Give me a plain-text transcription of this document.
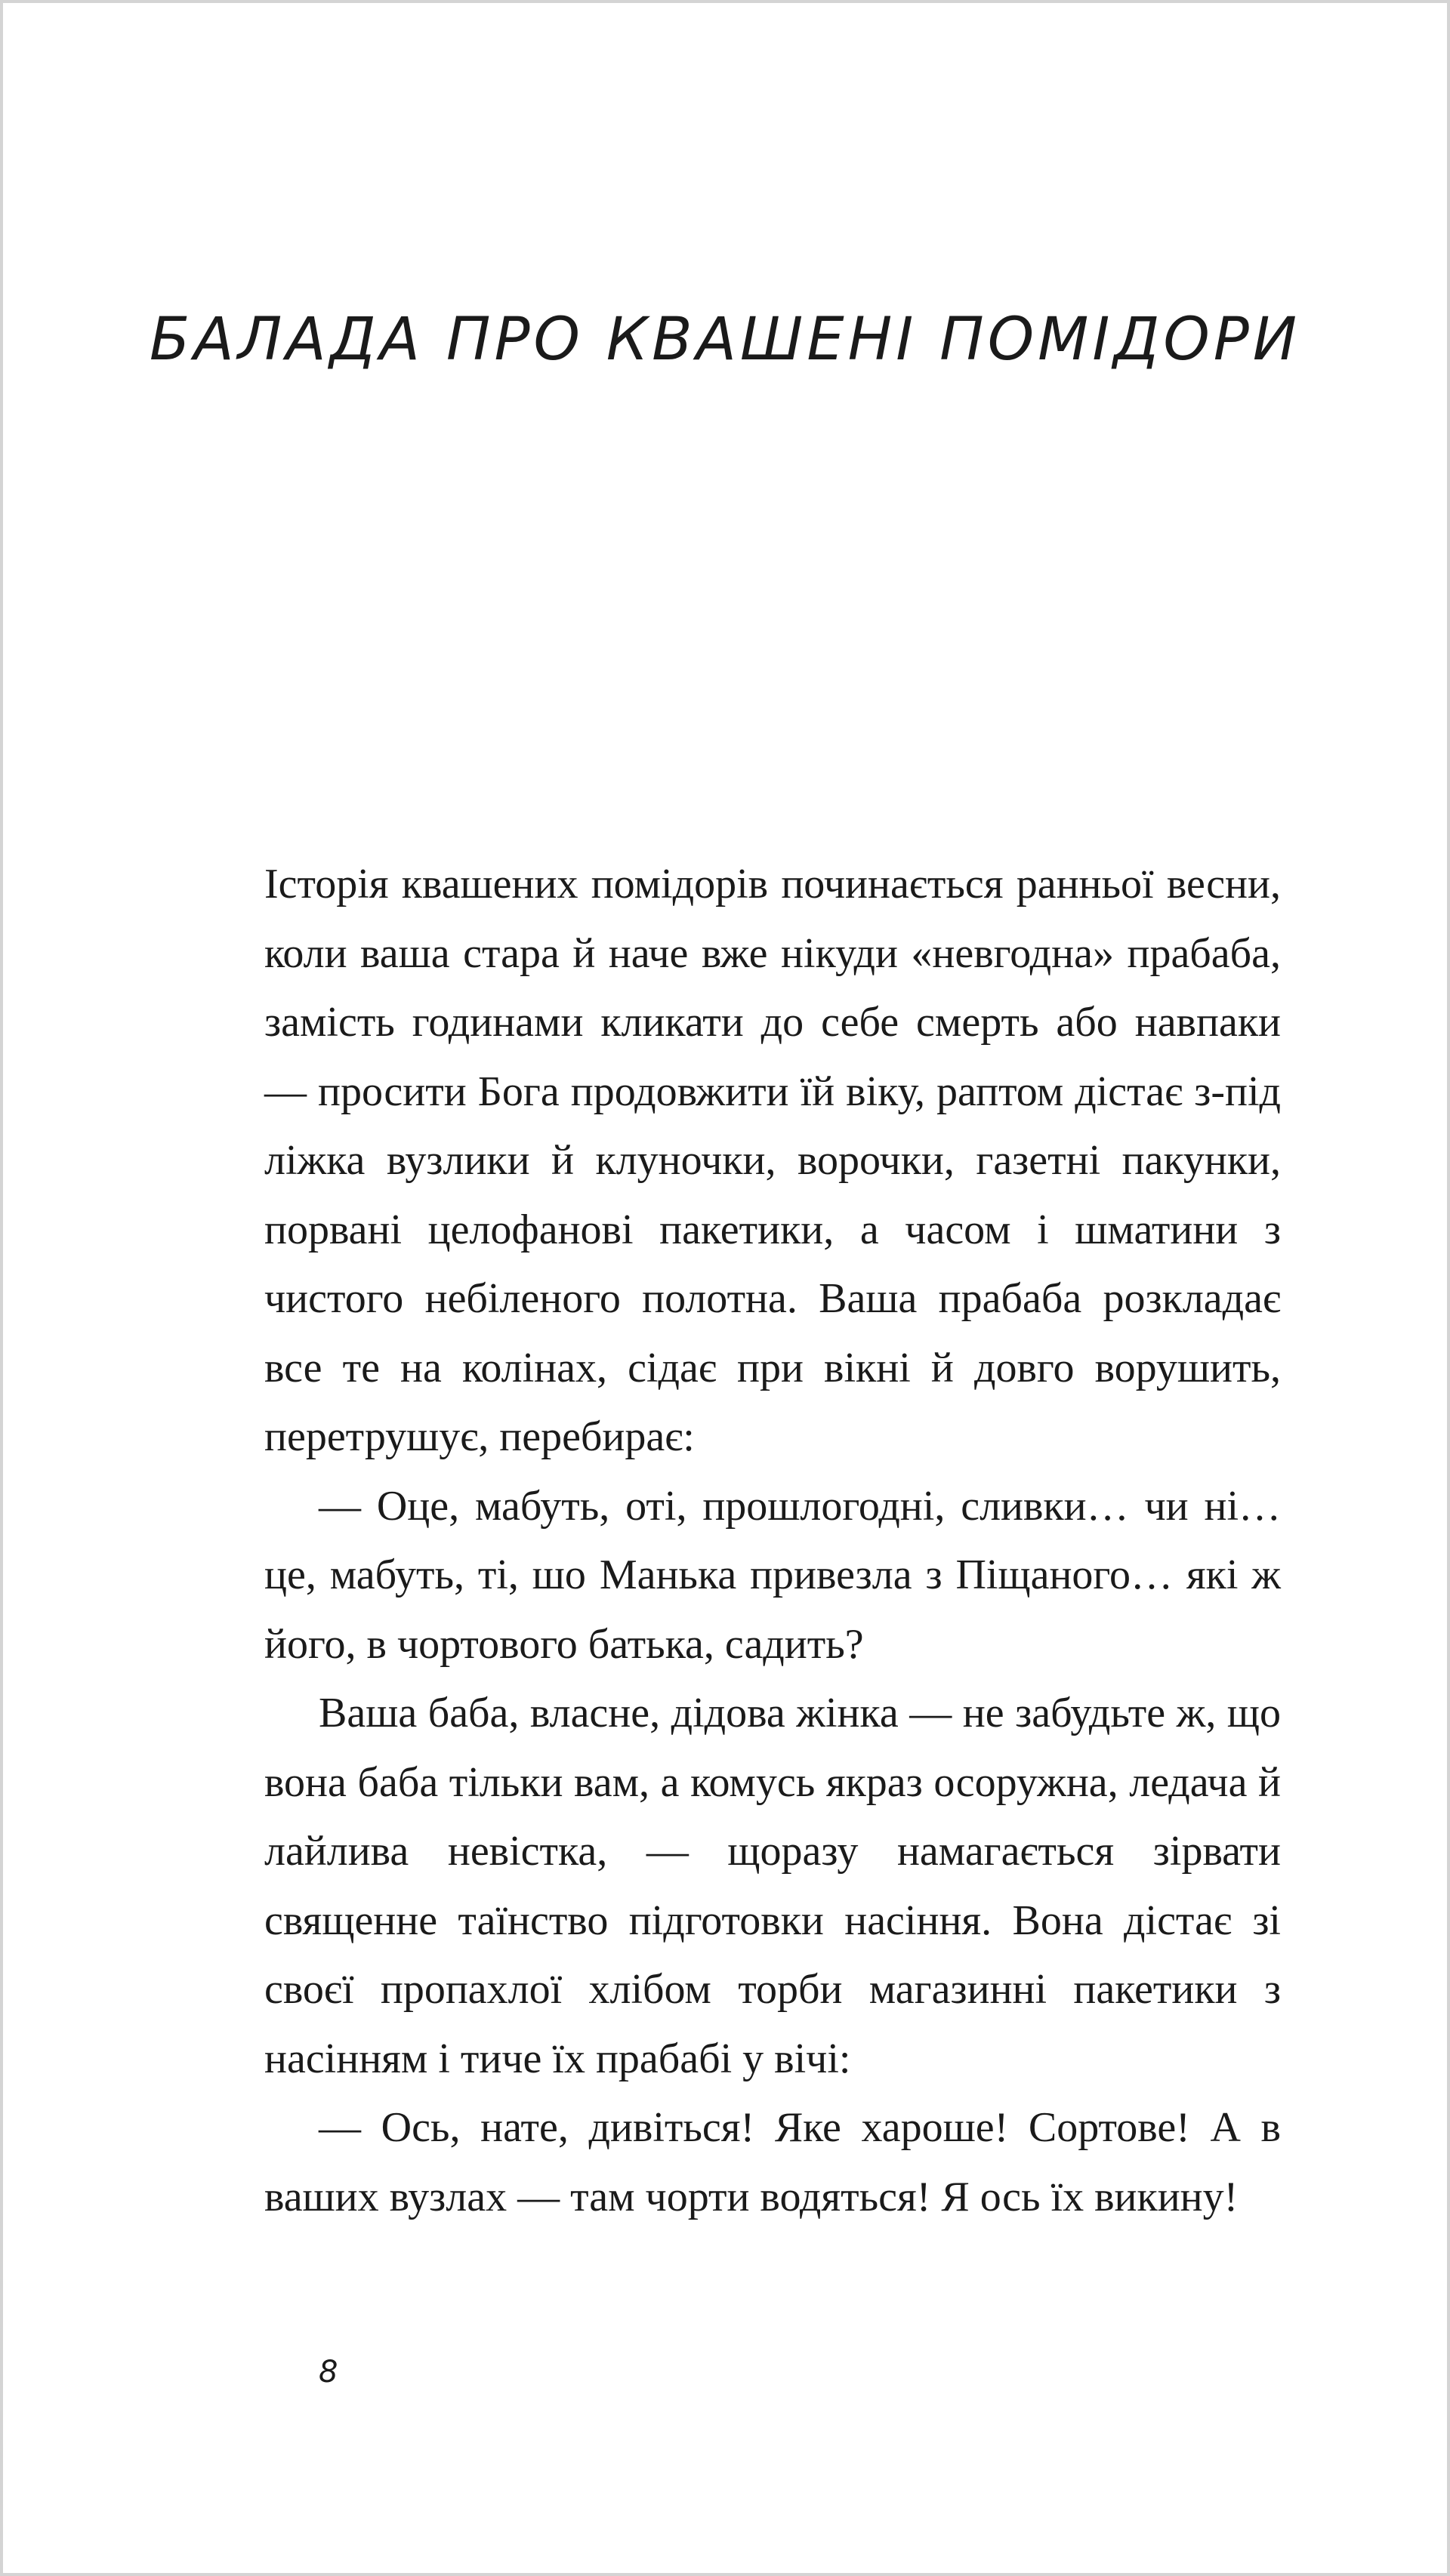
БАЛАДА ПРО КВАШЕНІ ПОМІДОРИ

Історія квашених помідорів починається ранньої весни, коли ваша стара й наче вже нікуди «невгодна» прабаба, замість годинами кликати до себе смерть або навпаки — просити Бога продовжити їй віку, раптом дістає з-під ліжка вузлики й клуночки, ворочки, газетні пакунки, порвані целофанові пакетики, а часом і шматини з чистого небіленого полотна. Ваша прабаба розкладає все те на колінах, сідає при вікні й довго ворушить, перетрушує, перебирає:

— Оце, мабуть, оті, прошлогодні, сливки… чи ні… це, мабуть, ті, шо Манька привезла з Піщаного… які ж його, в чортового батька, садить?

Ваша баба, власне, дідова жінка — не забудьте ж, що вона баба тільки вам, а комусь якраз осоружна, ледача й лайлива невістка, — щоразу намагається зірвати священне таїнство підготовки насіння. Вона дістає зі своєї пропахлої хлібом торби магазинні пакетики з насінням і тиче їх прабабі у вічі:

— Ось, нате, дивіться! Яке хароше! Сортове! А в ваших вузлах — там чорти водяться! Я ось їх викину!

8
